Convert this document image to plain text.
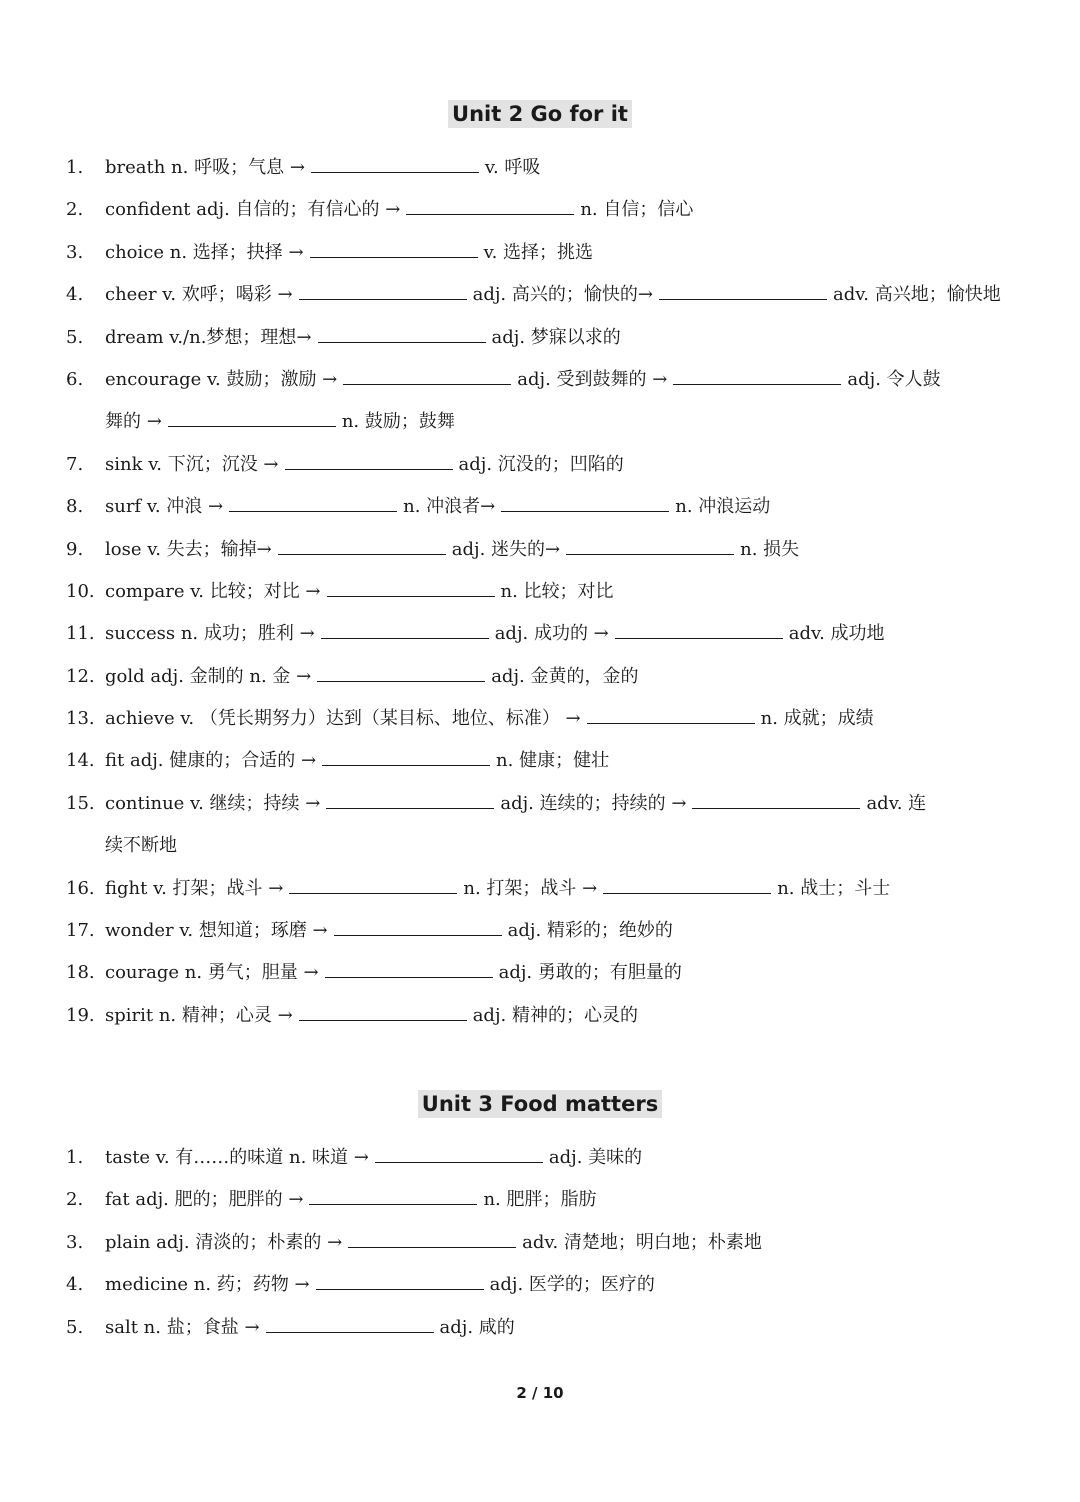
Unit 2 Go for it
1.	breath n. 呼吸；气息 →	v. 呼吸
2.	confident adj. 自信的；有信心的 →	n. 自信；信心
3.	choice n. 选择；抉择 →	v. 选择；挑选
4.	cheer v. 欢呼；喝彩 →	adj. 高兴的；愉快的→	adv. 高兴地；愉快地
5.	dream v./n.梦想；理想→	adj. 梦寐以求的
6.	encourage v. 鼓励；激励 →	adj. 受到鼓舞的 →	adj. 令人鼓
舞的 →	n. 鼓励；鼓舞
7.	sink v. 下沉；沉没 →	adj. 沉没的；凹陷的
8.	surf v. 冲浪 →	n. 冲浪者→	n. 冲浪运动
9.	lose v. 失去；输掉→	adj. 迷失的→	n. 损失
10. compare v. 比较；对比 →	n. 比较；对比
11. success n. 成功；胜利 →	adj. 成功的 →	adv. 成功地
12. gold adj. 金制的 n. 金 →	adj. 金黄的，金的
13. achieve v. （凭长期努力）达到（某目标、地位、标准） →	n. 成就；成绩
14. fit adj. 健康的；合适的 →	n. 健康；健壮
15. continue v. 继续；持续 →	adj. 连续的；持续的 →	adv. 连
续不断地
16. fight v. 打架；战斗 →	n. 打架；战斗 →	n. 战士；斗士
17. wonder v. 想知道；琢磨 →	adj. 精彩的；绝妙的
18. courage n. 勇气；胆量 →	adj. 勇敢的；有胆量的
19. spirit n. 精神；心灵 →	adj. 精神的；心灵的
Unit 3 Food matters
1.	taste v. 有……的味道 n. 味道 →	adj. 美味的
2.	fat adj. 肥的；肥胖的 →	n. 肥胖；脂肪
3.	plain adj. 清淡的；朴素的 →	adv. 清楚地；明白地；朴素地
4.	medicine n. 药；药物 →	adj. 医学的；医疗的
5.	salt n. 盐；食盐 →	adj. 咸的
2 / 10
